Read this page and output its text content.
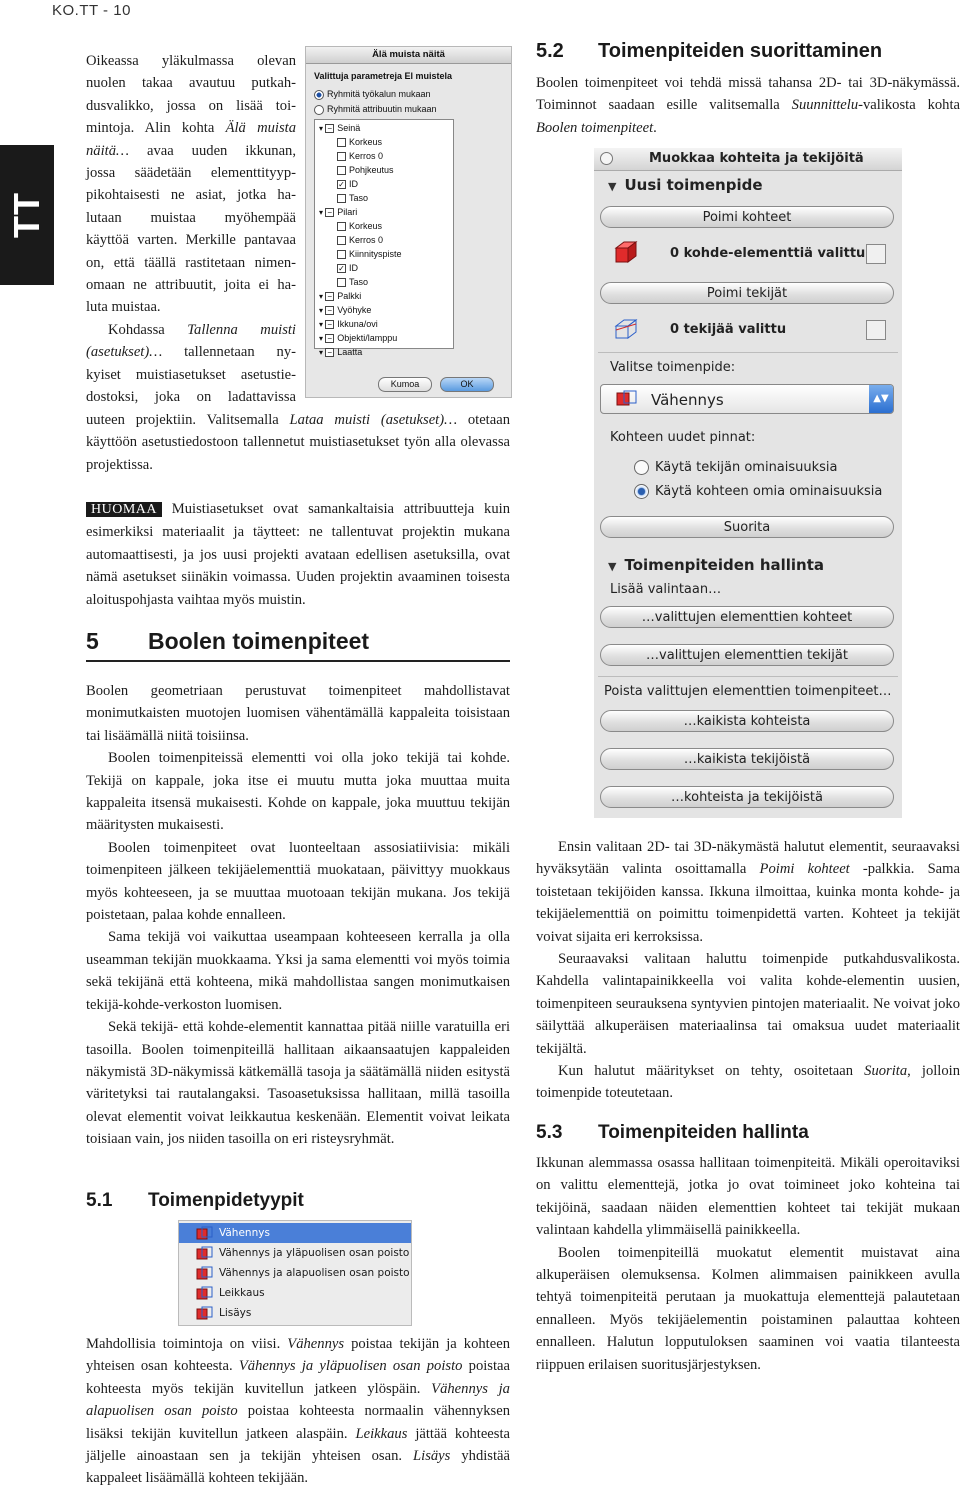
KO.TT - 10
TT
Oikeassa yläkulmassa olevan
nuolen takaa avautuu putkah-
dusvalikko, jossa on lisää toi-
mintoja. Alin kohta Älä muista
näitä… avaa uuden ikkunan,
jossa säädetään elementtityyp-
pikohtaisesti ne asiat, jotka ha-
lutaan muistaa myöhempää
käyttöä varten. Merkille pantavaa
on, että täällä rastitetaan nimen-
omaan ne attribuutit, joita ei ha-
luta muistaa.
Kohdassa Tallenna muisti
(asetukset)… tallennetaan ny-
kyiset muistiasetukset asetustie-
dostoksi, joka on ladattavissa

uuteen projektiin. Valitsemalla Lataa muisti (asetukset)… otetaan käyttöön asetustiedostoon tallennetut muistiasetukset työn alla olevassa projektissa.

Älä muista näitä
Valittuja parametreja El muistela
Ryhmitä työkalun mukaan
Ryhmitä attribuutin mukaan
▾ − Seinä
Korkeus
Kerros 0
Pohjkeutus
✓ ID
Taso
▾ − Pilari
Korkeus
Kerros 0
Kiinnityspiste
✓ ID
Taso
▾ − Palkki
▾ − Vyöhyke
▾ − Ikkuna/ovi
▾ − Objekti/lamppu
▾ − Laatta
Kumoa	OK

HUOMAA Muistiasetukset ovat samankaltaisia attribuutteja kuin esimerkiksi materiaalit ja täytteet: ne tallentuvat projektin mukana automaattisesti, ja jos uusi projekti avataan edellisen asetuksilla, ovat nämä asetukset siinäkin voimassa. Uuden projektin avaaminen toisesta aloituspohjasta vaihtaa myös muistin.

5 Boolen toimenpiteet

Boolen geometriaan perustuvat toimenpiteet mahdollistavat monimutkaisten muotojen luomisen vähentämällä kappaleita toisistaan tai lisäämällä niitä toisiinsa.

Boolen toimenpiteissä elementti voi olla joko tekijä tai kohde. Tekijä on kappale, joka itse ei muutu mutta joka muuttaa muita kappaleita itsensä mukaisesti. Kohde on kappale, joka muuttuu tekijän määritysten mukaisesti.

Boolen toimenpiteet ovat luonteeltaan assosiatiivisia: mikäli toimenpiteen jälkeen tekijäelementtiä muokataan, päivittyy muokkaus myös kohteeseen, ja se muuttaa muotoaan tekijän mukana. Jos tekijä poistetaan, palaa kohde ennalleen.

Sama tekijä voi vaikuttaa useampaan kohteeseen kerralla ja olla useamman tekijän muokkaama. Yksi ja sama elementti voi myös toimia sekä tekijänä että kohteena, mikä mahdollistaa sangen monimutkaisen tekijä-kohde-verkoston luomisen.

Sekä tekijä- että kohde-elementit kannattaa pitää niille varatuilla eri tasoilla. Boolen toimenpiteillä hallitaan aikaansaatujen kappaleiden näkymistä 3D-näkymissä kätkemällä tasoja ja säätämällä niiden esitystä väritetyksi tai rautalangaksi. Tasoasetuksissa hallitaan, millä tasoilla olevat elementit voivat leikkautua keskenään. Elementit voivat leikata toisiaan vain, jos niiden tasoilla on eri risteysryhmät.

5.1 Toimenpidetyypit
Vähennys
Vähennys ja yläpuolisen osan poisto
Vähennys ja alapuolisen osan poisto
Leikkaus
Lisäys

Mahdollisia toimintoja on viisi. Vähennys poistaa tekijän ja kohteen yhteisen osan kohteesta. Vähennys ja yläpuolisen osan poisto poistaa kohteesta myös tekijän kuvitellun jatkeen ylöspäin. Vähennys ja alapuolisen osan poisto poistaa kohteesta normaalin vähennyksen lisäksi tekijän kuvitellun jatkeen alaspäin. Leikkaus jättää kohteesta jäljelle ainoastaan sen ja tekijän yhteisen osan. Lisäys yhdistää kappaleet lisäämällä kohteen tekijään.

5.2 Toimenpiteiden suorittaminen

Boolen toimenpiteet voi tehdä missä tahansa 2D- tai 3D-näkymässä. Toiminnot saadaan esille valitsemalla Suunnittelu-valikosta kohta Boolen toimenpiteet.

Muokkaa kohteita ja tekijöitä
▼ Uusi toimenpide
Poimi kohteet
0 kohde-elementtiä valittu
Poimi tekijät
0 tekijää valittu
Valitse toimenpide:
Vähennys	▲▼
Kohteen uudet pinnat:
Käytä tekijän ominaisuuksia
Käytä kohteen omia ominaisuuksia
Suorita
▼ Toimenpiteiden hallinta
Lisää valintaan…
…valittujen elementtien kohteet
…valittujen elementtien tekijät
Poista valittujen elementtien toimenpiteet…
…kaikista kohteista
…kaikista tekijöistä
…kohteista ja tekijöistä

Ensin valitaan 2D- tai 3D-näkymästä halutut elementit, seuraavaksi hyväksytään valinta osoittamalla Poimi kohteet -palkkia. Sama toistetaan tekijöiden kanssa. Ikkuna ilmoittaa, kuinka monta kohde- ja tekijäelementtiä on poimittu toimenpidettä varten. Kohteet ja tekijät voivat sijaita eri kerroksissa.

Seuraavaksi valitaan haluttu toimenpide putkahdusvalikosta. Kahdella valintapainikkeella voi valita kohde-elementin uusien, toimenpiteen seurauksena syntyvien pintojen materiaalit. Ne voivat joko säilyttää alkuperäisen materiaalinsa tai omaksua uudet materiaalit tekijältä.

Kun halutut määritykset on tehty, osoitetaan Suorita, jolloin toimenpide toteutetaan.

5.3 Toimenpiteiden hallinta

Ikkunan alemmassa osassa hallitaan toimenpiteitä. Mikäli operoitaviksi on valittu elementtejä, jotka jo ovat toimineet joko kohteina tai tekijöinä, saadaan näiden elementtien kohteet tai tekijät mukaan valintaan kahdella ylimmäisellä painikkeella.

Boolen toimenpiteillä muokatut elementit muistavat aina alkuperäisen olemuksensa. Kolmen alimmaisen painikkeen avulla tehtyä toimenpiteitä perutaan ja muokattuja elementtejä palautetaan ennalleen. Myös tekijäelementin poistaminen palauttaa kohteen ennalleen. Halutun lopputuloksen saaminen voi vaatia tilanteesta riippuen erilaisen suoritusjärjestyksen.
